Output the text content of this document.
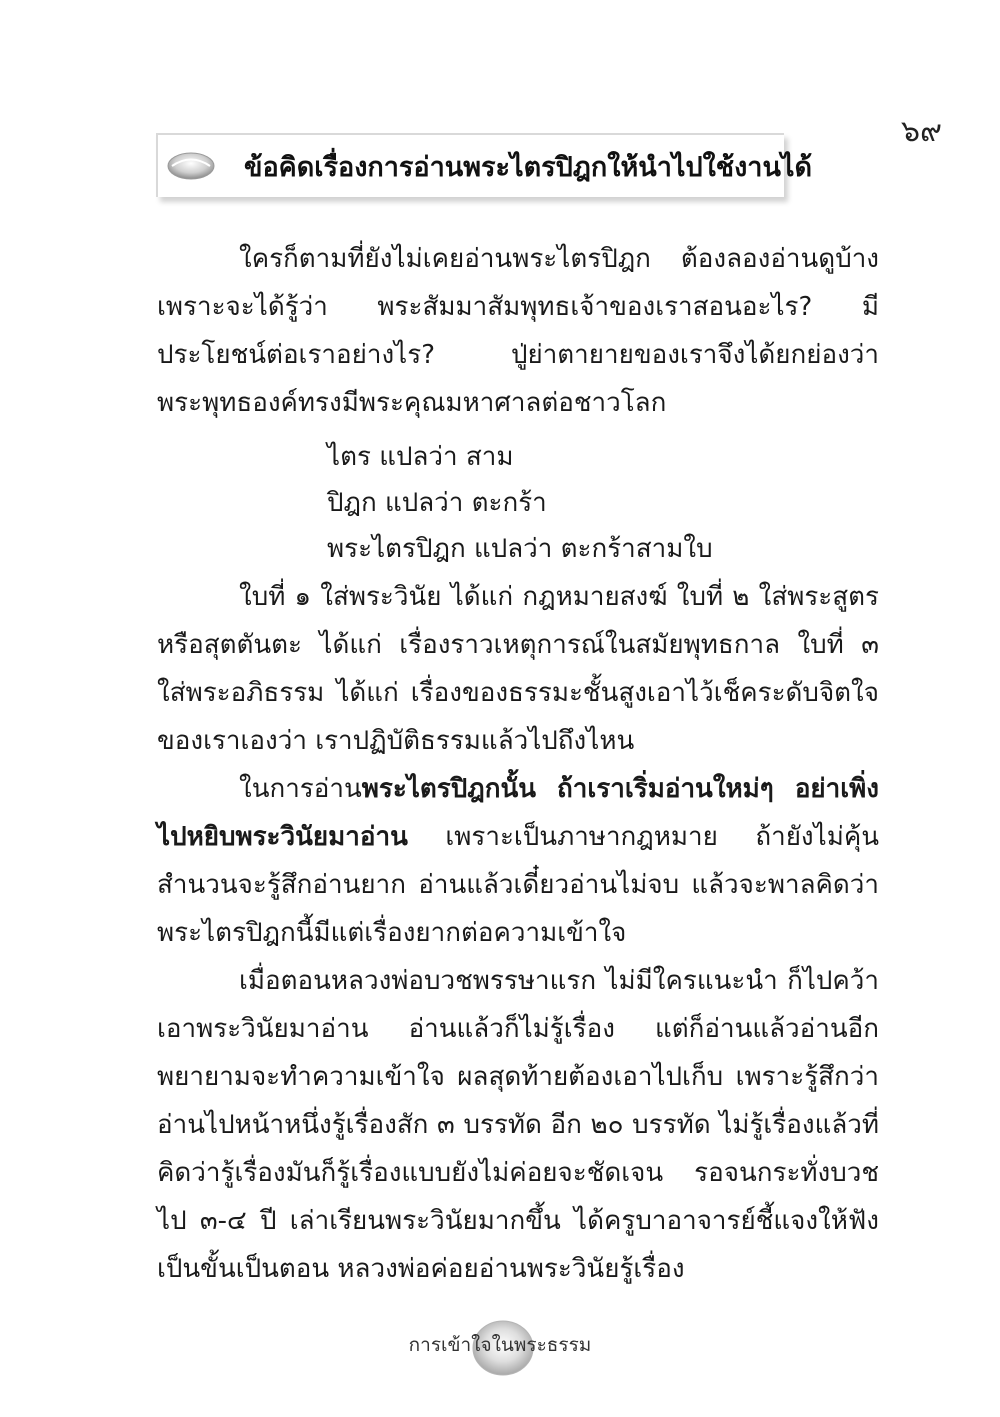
๖๙
ข้อคิดเรื่องการอ่านพระไตรปิฎกให้นำไปใช้งานได้

ใครก็ตามที่ยังไม่เคยอ่านพระไตรปิฎก ต้องลองอ่านดูบ้างเพราะจะได้รู้ว่า พระสัมมาสัมพุทธเจ้าของเราสอนอะไร? มีประโยชน์ต่อเราอย่างไร? ปู่ย่าตายายของเราจึงได้ยกย่องว่าพระพุทธองค์ทรงมีพระคุณมหาศาลต่อชาวโลก

ไตร แปลว่า สาม
ปิฎก แปลว่า ตะกร้า
พระไตรปิฎก แปลว่า ตะกร้าสามใบ

ใบที่ ๑ ใส่พระวินัย ได้แก่ กฎหมายสงฆ์ ใบที่ ๒ ใส่พระสูตรหรือสุตตันตะ ได้แก่ เรื่องราวเหตุการณ์ในสมัยพุทธกาล ใบที่ ๓ ใส่พระอภิธรรม ได้แก่ เรื่องของธรรมะชั้นสูงเอาไว้เช็คระดับจิตใจของเราเองว่า เราปฏิบัติธรรมแล้วไปถึงไหน

ในการอ่านพระไตรปิฎกนั้น ถ้าเราเริ่มอ่านใหม่ๆ อย่าเพิ่งไปหยิบพระวินัยมาอ่าน เพราะเป็นภาษากฎหมาย ถ้ายังไม่คุ้นสำนวนจะรู้สึกอ่านยาก อ่านแล้วเดี๋ยวอ่านไม่จบ แล้วจะพาลคิดว่าพระไตรปิฎกนี้มีแต่เรื่องยากต่อความเข้าใจ

เมื่อตอนหลวงพ่อบวชพรรษาแรก ไม่มีใครแนะนำ ก็ไปคว้าเอาพระวินัยมาอ่าน อ่านแล้วก็ไม่รู้เรื่อง แต่ก็อ่านแล้วอ่านอีกพยายามจะทำความเข้าใจ ผลสุดท้ายต้องเอาไปเก็บ เพราะรู้สึกว่าอ่านไปหน้าหนึ่งรู้เรื่องสัก ๓ บรรทัด อีก ๒๐ บรรทัด ไม่รู้เรื่องแล้วที่คิดว่ารู้เรื่องมันก็รู้เรื่องแบบยังไม่ค่อยจะชัดเจน รอจนกระทั่งบวชไป ๓-๔ ปี เล่าเรียนพระวินัยมากขึ้น ได้ครูบาอาจารย์ชี้แจงให้ฟังเป็นขั้นเป็นตอน หลวงพ่อค่อยอ่านพระวินัยรู้เรื่อง

การเข้าใจในพระธรรม
